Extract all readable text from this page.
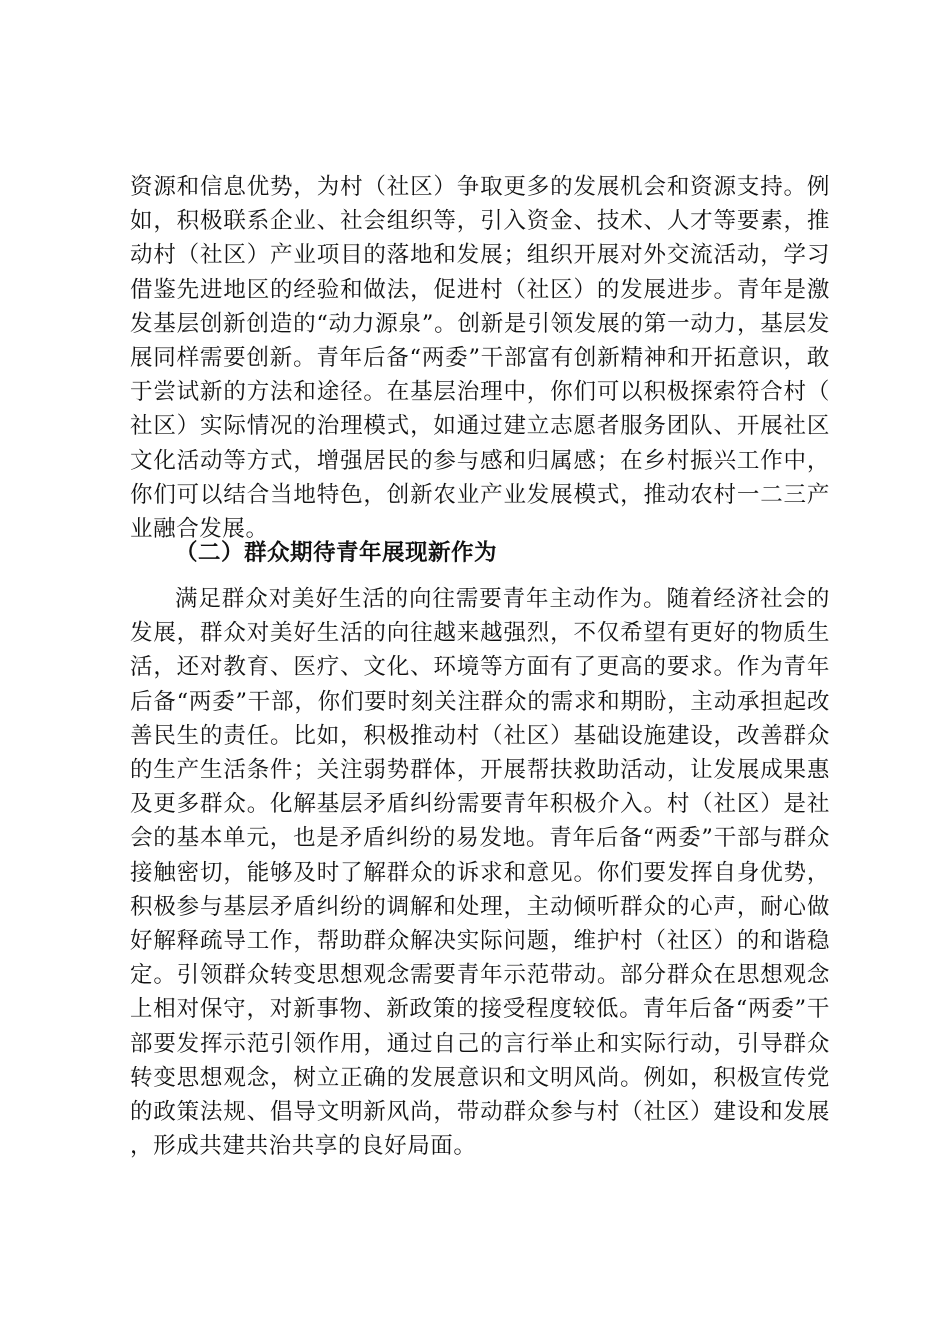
资源和信息优势，为村（社区）争取更多的发展机会和资源支持。例如，积极联系企业、社会组织等，引入资金、技术、人才等要素，推动村（社区）产业项目的落地和发展；组织开展对外交流活动，学习借鉴先进地区的经验和做法，促进村（社区）的发展进步。青年是激发基层创新创造的“动力源泉”。创新是引领发展的第一动力，基层发展同样需要创新。青年后备“两委”干部富有创新精神和开拓意识，敢于尝试新的方法和途径。在基层治理中，你们可以积极探索符合村（社区）实际情况的治理模式，如通过建立志愿者服务团队、开展社区文化活动等方式，增强居民的参与感和归属感；在乡村振兴工作中，你们可以结合当地特色，创新农业产业发展模式，推动农村一二三产业融合发展。

（二）群众期待青年展现新作为

满足群众对美好生活的向往需要青年主动作为。随着经济社会的发展，群众对美好生活的向往越来越强烈，不仅希望有更好的物质生活，还对教育、医疗、文化、环境等方面有了更高的要求。作为青年后备“两委”干部，你们要时刻关注群众的需求和期盼，主动承担起改善民生的责任。比如，积极推动村（社区）基础设施建设，改善群众的生产生活条件；关注弱势群体，开展帮扶救助活动，让发展成果惠及更多群众。化解基层矛盾纠纷需要青年积极介入。村（社区）是社会的基本单元，也是矛盾纠纷的易发地。青年后备“两委”干部与群众接触密切，能够及时了解群众的诉求和意见。你们要发挥自身优势，积极参与基层矛盾纠纷的调解和处理，主动倾听群众的心声，耐心做好解释疏导工作，帮助群众解决实际问题，维护村（社区）的和谐稳定。引领群众转变思想观念需要青年示范带动。部分群众在思想观念上相对保守，对新事物、新政策的接受程度较低。青年后备“两委”干部要发挥示范引领作用，通过自己的言行举止和实际行动，引导群众转变思想观念，树立正确的发展意识和文明风尚。例如，积极宣传党的政策法规、倡导文明新风尚，带动群众参与村（社区）建设和发展，形成共建共治共享的良好局面。
